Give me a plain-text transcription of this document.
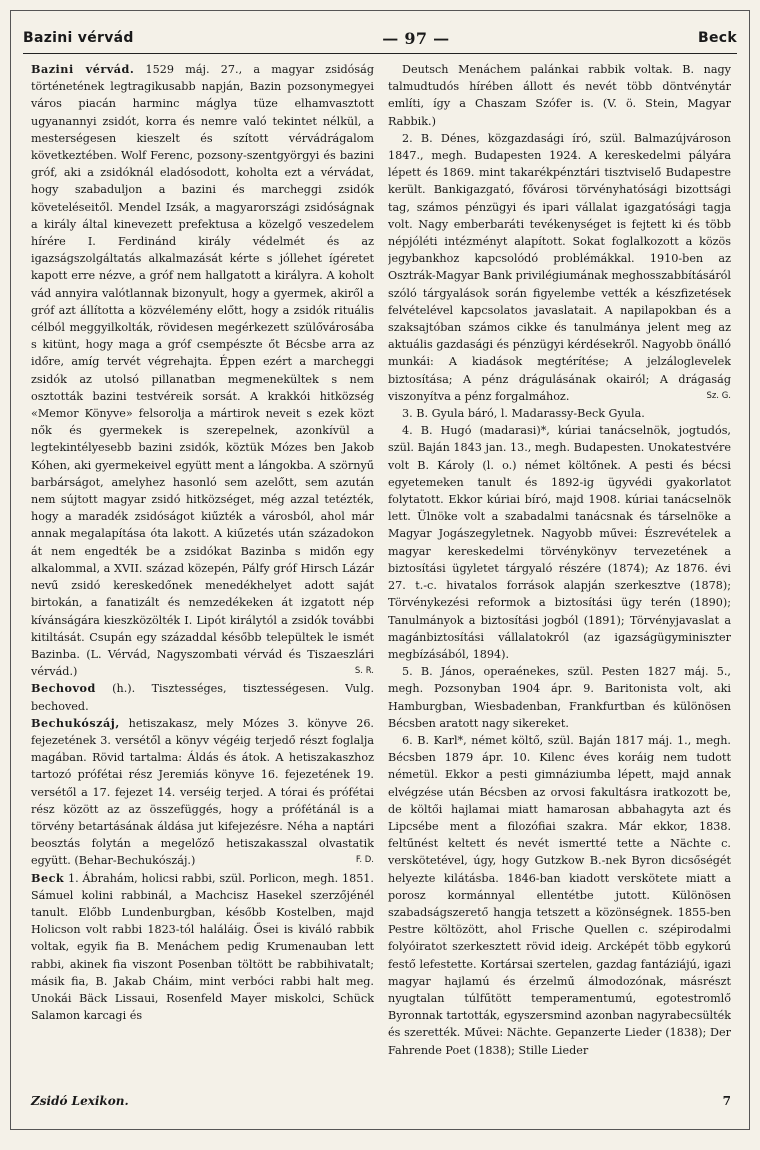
Bazini vérvád	— 97 —	Beck

Bazini vérvád. 1529 máj. 27., a magyar zsidóság történetének legtragikusabb napján, Bazin pozsonymegyei város piacán harminc máglya tüze elhamvasztott ugyanannyi zsidót, korra és nemre való tekintet nélkül, a mesterségesen kieszelt és szított vérvádrágalom következtében. Wolf Ferenc, pozsony-szentgyörgyi és bazini gróf, aki a zsidóknál eladósodott, koholta ezt a vérvádat, hogy szabaduljon a bazini és marcheggi zsidók követeléseitől. Mendel Izsák, a magyarországi zsidóságnak a király által kinevezett prefektusa a közelgő veszedelem hírére I. Ferdinánd király védelmét és az igazságszolgáltatás alkalmazását kérte s jóllehet ígéretet kapott erre nézve, a gróf nem hallgatott a királyra. A koholt vád annyira valótlannak bizonyult, hogy a gyermek, akiről a gróf azt állította a közvélemény előtt, hogy a zsidók rituális célból meggyilkolták, rövidesen megérkezett szülővárosába s kitünt, hogy maga a gróf csempészte őt Bécsbe arra az időre, amíg tervét végrehajta. Éppen ezért a marcheggi zsidók az utolsó pillanatban megmenekültek s nem osztották bazini testvéreik sorsát. A krakkói hitközség «Memor Könyve» felsorolja a mártirok neveit s ezek közt nők és gyermekek is szerepelnek, azonkívül a legtekintélyesebb bazini zsidók, köztük Mózes ben Jakob Kóhen, aki gyermekeivel együtt ment a lángokba. A szörnyű barbárságot, amelyhez hasonló sem azelőtt, sem azután nem sújtott magyar zsidó hitközséget, még azzal tetézték, hogy a maradék zsidóságot kiűzték a városból, ahol már annak megalapítása óta lakott. A kiűzetés után századokon át nem engedték be a zsidókat Bazinba s midőn egy alkalommal, a XVII. század közepén, Pálfy gróf Hirsch Lázár nevű zsidó kereskedőnek menedékhelyet adott saját birtokán, a fanatizált és nemzedékeken át izgatott nép kívánságára kieszközölték I. Lipót királytól a zsidók további kitiltását. Csupán egy századdal később települtek le ismét Bazinba. (L. Vérvád, Nagyszombati vérvád és Tiszaeszlári vérvád.)	S. R.

Bechovod (h.). Tisztességes, tisztességesen. Vulg. bechoved.

Bechukószáj, hetiszakasz, mely Mózes 3. könyve 26. fejezetének 3. versétől a könyv végéig terjedő részt foglalja magában. Rövid tartalma: Áldás és átok. A hetiszakaszhoz tartozó prófétai rész Jeremiás könyve 16. fejezetének 19. versétől a 17. fejezet 14. verséig terjed. A tórai és prófétai rész között az az összefüggés, hogy a prófétánál is a törvény betartásának áldása jut kifejezésre. Néha a naptári beosztás folytán a megelőző hetiszakasszal olvastatik együtt. (Behar-Bechukószáj.)	F. D.

Beck 1. Ábrahám, holicsi rabbi, szül. Porlicon, megh. 1851. Sámuel kolini rabbinál, a Machcisz Hasekel szerzőjénél tanult. Előbb Lundenburgban, később Kostelben, majd Holicson volt rabbi 1823-tól haláláig. Ősei is kiváló rabbik voltak, egyik fia B. Menáchem pedig Krumenauban lett rabbi, akinek fia viszont Posenban töltött be rabbihivatalt; másik fia, B. Jakab Cháim, mint verbóci rabbi halt meg. Unokái Bäck Lissaui, Rosenfeld Mayer miskolci, Schück Salamon karcagi és

Deutsch Menáchem palánkai rabbik voltak. B. nagy talmudtudós hírében állott és nevét több döntvénytár említi, így a Chaszam Szófer is. (V. ö. Stein, Magyar Rabbik.)

2. B. Dénes, közgazdasági író, szül. Balmazújvároson 1847., megh. Budapesten 1924. A kereskedelmi pályára lépett és 1869. mint takarékpénztári tisztviselő Budapestre került. Bankigazgató, fővárosi törvényhatósági bizottsági tag, számos pénzügyi és ipari vállalat igazgatósági tagja volt. Nagy emberbaráti tevékenységet is fejtett ki és több népjóléti intézményt alapított. Sokat foglalkozott a közös jegybankhoz kapcsolódó problémákkal. 1910-ben az Osztrák-Magyar Bank privilégiumának meghosszabbításáról szóló tárgyalások során figyelembe vették a készfizetések felvételével kapcsolatos javaslatait. A napilapokban és a szaksajtóban számos cikke és tanulmánya jelent meg az aktuális gazdasági és pénzügyi kérdésekről. Nagyobb önálló munkái: A kiadások megtérítése; A jelzáloglevelek biztosítása; A pénz drágulásának okairól; A drágaság viszonyítva a pénz forgalmához.	Sz. G.

3. B. Gyula báró, l. Madarassy-Beck Gyula.

4. B. Hugó (madarasi)*, kúriai tanácselnök, jogtudós, szül. Baján 1843 jan. 13., megh. Budapesten. Unokatestvére volt B. Károly (l. o.) német költőnek. A pesti és bécsi egyetemeken tanult és 1892-ig ügyvédi gyakorlatot folytatott. Ekkor kúriai bíró, majd 1908. kúriai tanácselnök lett. Ülnöke volt a szabadalmi tanácsnak és társelnöke a Magyar Jogászegyletnek. Nagyobb művei: Észrevételek a magyar kereskedelmi törvénykönyv tervezetének a biztosítási ügyletet tárgyaló részére (1874); Az 1876. évi 27. t.-c. hivatalos források alapján szerkesztve (1878); Törvénykezési reformok a biztosítási ügy terén (1890); Tanulmányok a biztosítási jogból (1891); Törvényjavaslat a magánbiztosítási vállalatokról (az igazságügyminiszter megbízásából, 1894).

5. B. János, operaénekes, szül. Pesten 1827 máj. 5., megh. Pozsonyban 1904 ápr. 9. Baritonista volt, aki Hamburgban, Wiesbadenban, Frankfurtban és különösen Bécsben aratott nagy sikereket.

6. B. Karl*, német költő, szül. Baján 1817 máj. 1., megh. Bécsben 1879 ápr. 10. Kilenc éves koráig nem tudott németül. Ekkor a pesti gimnáziumba lépett, majd annak elvégzése után Bécsben az orvosi fakultásra iratkozott be, de költői hajlamai miatt hamarosan abbahagyta azt és Lipcsébe ment a filozófiai szakra. Már ekkor, 1838. feltűnést keltett és nevét ismertté tette a Nächte c. verskötetével, úgy, hogy Gutzkow B.-nek Byron dicsőségét helyezte kilátásba. 1846-ban kiadott verskötete miatt a porosz kormánnyal ellentétbe jutott. Különösen szabadságszerető hangja tetszett a közönségnek. 1855-ben Pestre költözött, ahol Frische Quellen c. szépirodalmi folyóiratot szerkesztett rövid ideig. Arcképét több egykorú festő lefestette. Kortársai szertelen, gazdag fantáziájú, igazi magyar hajlamú és érzelmű álmodozónak, másrészt nyugtalan túlfűtött temperamentumú, egotestromlő Byronnak tartották, egyszersmind azonban nagyrabecsülték és szerették. Művei: Nächte. Gepanzerte Lieder (1838); Der Fahrende Poet (1838); Stille Lieder

Zsidó Lexikon.	7
